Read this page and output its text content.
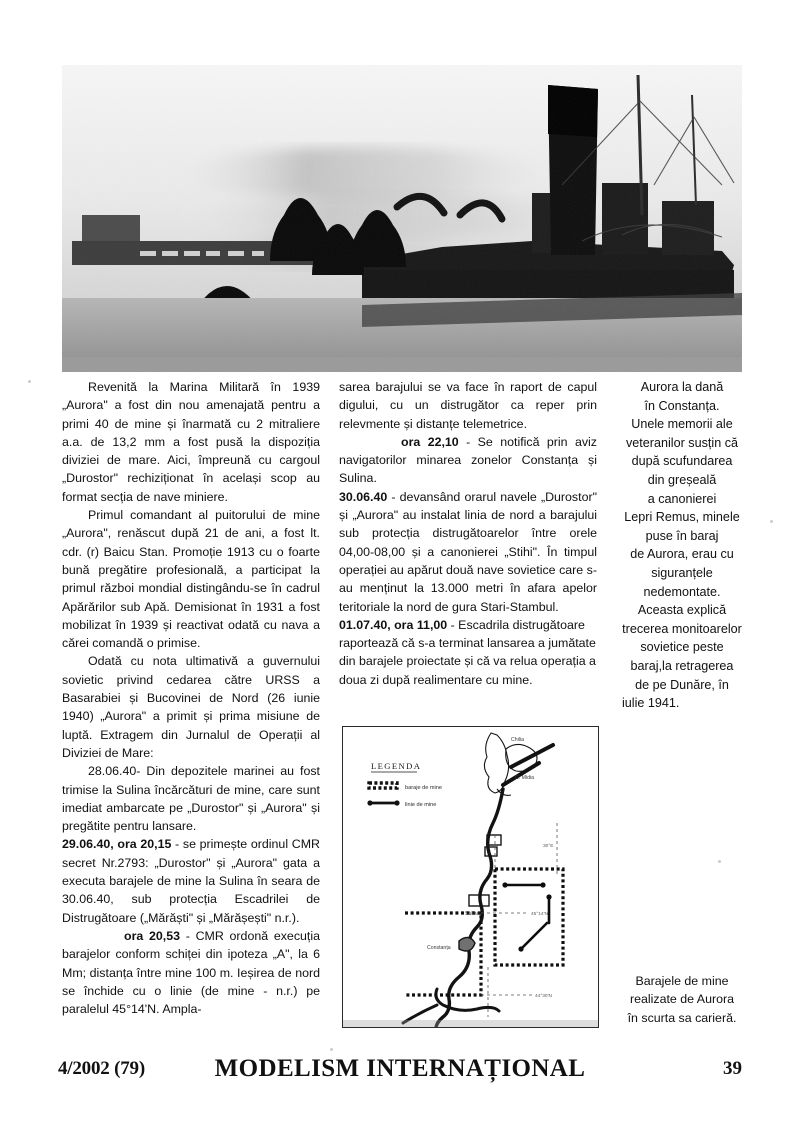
Revenită la Marina Militară în 1939 „Aurora" a fost din nou amenajată pentru a primi 40 de mine și înarmată cu 2 mitraliere a.a. de 13,2 mm a fost pusă la dispoziția diviziei de mare. Aici, împreună cu cargoul „Durostor" rechiziționat în același scop au format secția de nave miniere.

Primul comandant al puitorului de mine „Aurora", renăscut după 21 de ani, a fost lt. cdr. (r) Baicu Stan. Promoție 1913 cu o foarte bună pregătire profesională, a participat la primul război mondial distingându-se în cadrul Apărărilor sub Apă. Demisionat în 1931 a fost mobilizat în 1939 și reactivat odată cu nava a cărei comandă o primise.

Odată cu nota ultimativă a guvernului sovietic privind cedarea către URSS a Basarabiei și Bucovinei de Nord (26 iunie 1940) „Aurora" a primit și prima misiune de luptă. Extragem din Jurnalul de Operații al Diviziei de Mare:

28.06.40- Din depozitele marinei au fost trimise la Sulina încărcături de mine, care sunt imediat ambarcate pe „Durostor" și „Aurora" și pregătite pentru lansare.

29.06.40, ora 20,15 - se primește ordinul CMR secret Nr.2793: „Durostor" și „Aurora" gata a executa barajele de mine la Sulina în seara de 30.06.40, sub protecția Escadrilei de Distrugătoare („Mărăști" și „Mărășești" n.r.).

ora 20,53 - CMR ordonă execuția barajelor conform schiței din ipoteza „A", la 6 Mm; distanța între mine 100 m. Ieșirea de nord se închide cu o linie (de mine - n.r.) pe paralelul 45°14'N. Ampla-

sarea barajului se va face în raport de capul digului, cu un distrugător ca reper prin relevmente și distanțe telemetrice.

ora 22,10 - Se notifică prin aviz navigatorilor minarea zonelor Constanța și Sulina.

30.06.40 - devansând orarul navele „Durostor" și „Aurora" au instalat linia de nord a barajului sub protecția distrugătoarelor între orele 04,00-08,00 și a canonierei „Stihi". În timpul operației au apărut două nave sovietice care s-au menținut la 13.000 metri în afara apelor teritoriale la nord de gura Stari-Stambul.

01.07.40, ora 11,00 - Escadrila distrugătoare raportează că s-a terminat lansarea a jumătate din barajele proiectate și că va relua operația a doua zi după realimentare cu mine.

Aurora la dană

în Constanța.

Unele memorii ale

veteranilor susțin că

după scufundarea

din greșeală

a canonierei

Lepri Remus, minele

puse în baraj

de Aurora, erau cu

siguranțele

nedemontate.

Aceasta explică

trecerea monitoarelor

sovietice peste

baraj,la retragerea

de pe Dunăre, în

iulie 1941.

LEGENDA
baraje de mine
linie de mine
Chilia
C. Midia
Sulina
Constanța
45°14'N
44°30'N
30°E

Barajele de mine

realizate de Aurora

în scurta sa carieră.

4/2002 (79)	MODELISM INTERNAȚIONAL	39
